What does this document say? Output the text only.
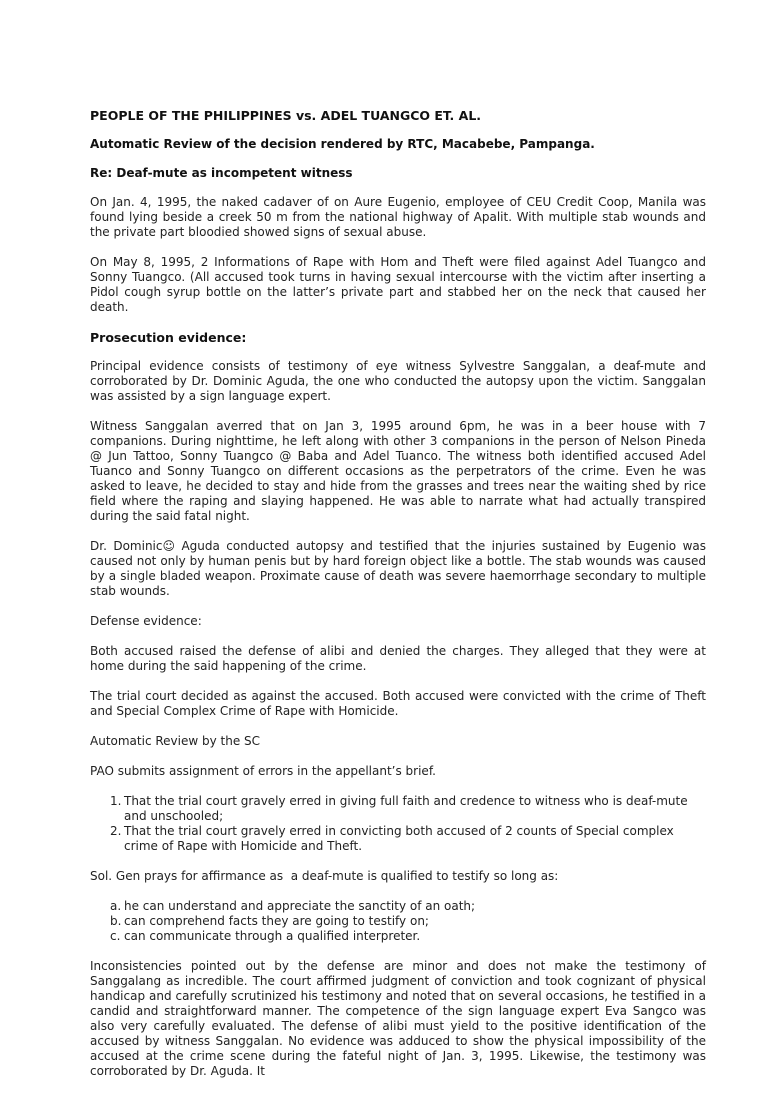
PEOPLE OF THE PHILIPPINES vs. ADEL TUANGCO ET. AL.
Automatic Review of the decision rendered by RTC, Macabebe, Pampanga.
Re: Deaf-mute as incompetent witness
On Jan. 4, 1995, the naked cadaver of on Aure Eugenio, employee of CEU Credit Coop, Manila was found lying beside a creek 50 m from the national highway of Apalit. With multiple stab wounds and the private part bloodied showed signs of sexual abuse.
On May 8, 1995, 2 Informations of Rape with Hom and Theft were filed against Adel Tuangco and Sonny Tuangco. (All accused took turns in having sexual intercourse with the victim after inserting a Pidol cough syrup bottle on the latter’s private part and stabbed her on the neck that caused her death.
Prosecution evidence:
Principal evidence consists of testimony of eye witness Sylvestre Sanggalan, a deaf-mute and corroborated by Dr. Dominic Aguda, the one who conducted the autopsy upon the victim. Sanggalan was assisted by a sign language expert.
Witness Sanggalan averred that on Jan 3, 1995 around 6pm, he was in a beer house with 7 companions. During nighttime, he left along with other 3 companions in the person of Nelson Pineda @ Jun Tattoo, Sonny Tuangco @ Baba and Adel Tuanco. The witness both identified accused Adel Tuanco and Sonny Tuangco on different occasions as the perpetrators of the crime. Even he was asked to leave, he decided to stay and hide from the grasses and trees near the waiting shed by rice field where the raping and slaying happened. He was able to narrate what had actually transpired during the said fatal night.
Dr. Dominic☺ Aguda conducted autopsy and testified that the injuries sustained by Eugenio was caused not only by human penis but by hard foreign object like a bottle. The stab wounds was caused by a single bladed weapon. Proximate cause of death was severe haemorrhage secondary to multiple stab wounds.
Defense evidence:
Both accused raised the defense of alibi and denied the charges. They alleged that they were at home during the said happening of the crime.
The trial court decided as against the accused. Both accused were convicted with the crime of Theft and Special Complex Crime of Rape with Homicide.
Automatic Review by the SC
PAO submits assignment of errors in the appellant’s brief.
1. That the trial court gravely erred in giving full faith and credence to witness who is deaf-mute and unschooled;
2. That the trial court gravely erred in convicting both accused of 2 counts of Special complex crime of Rape with Homicide and Theft.
Sol. Gen prays for affirmance as  a deaf-mute is qualified to testify so long as:
a. he can understand and appreciate the sanctity of an oath;
b. can comprehend facts they are going to testify on;
c. can communicate through a qualified interpreter.
Inconsistencies pointed out by the defense are minor and does not make the testimony of Sanggalang as incredible. The court affirmed judgment of conviction and took cognizant of physical handicap and carefully scrutinized his testimony and noted that on several occasions, he testified in a candid and straightforward manner. The competence of the sign language expert Eva Sangco was also very carefully evaluated. The defense of alibi must yield to the positive identification of the accused by witness Sanggalan. No evidence was adduced to show the physical impossibility of the accused at the crime scene during the fateful night of Jan. 3, 1995. Likewise, the testimony was corroborated by Dr. Aguda. It
